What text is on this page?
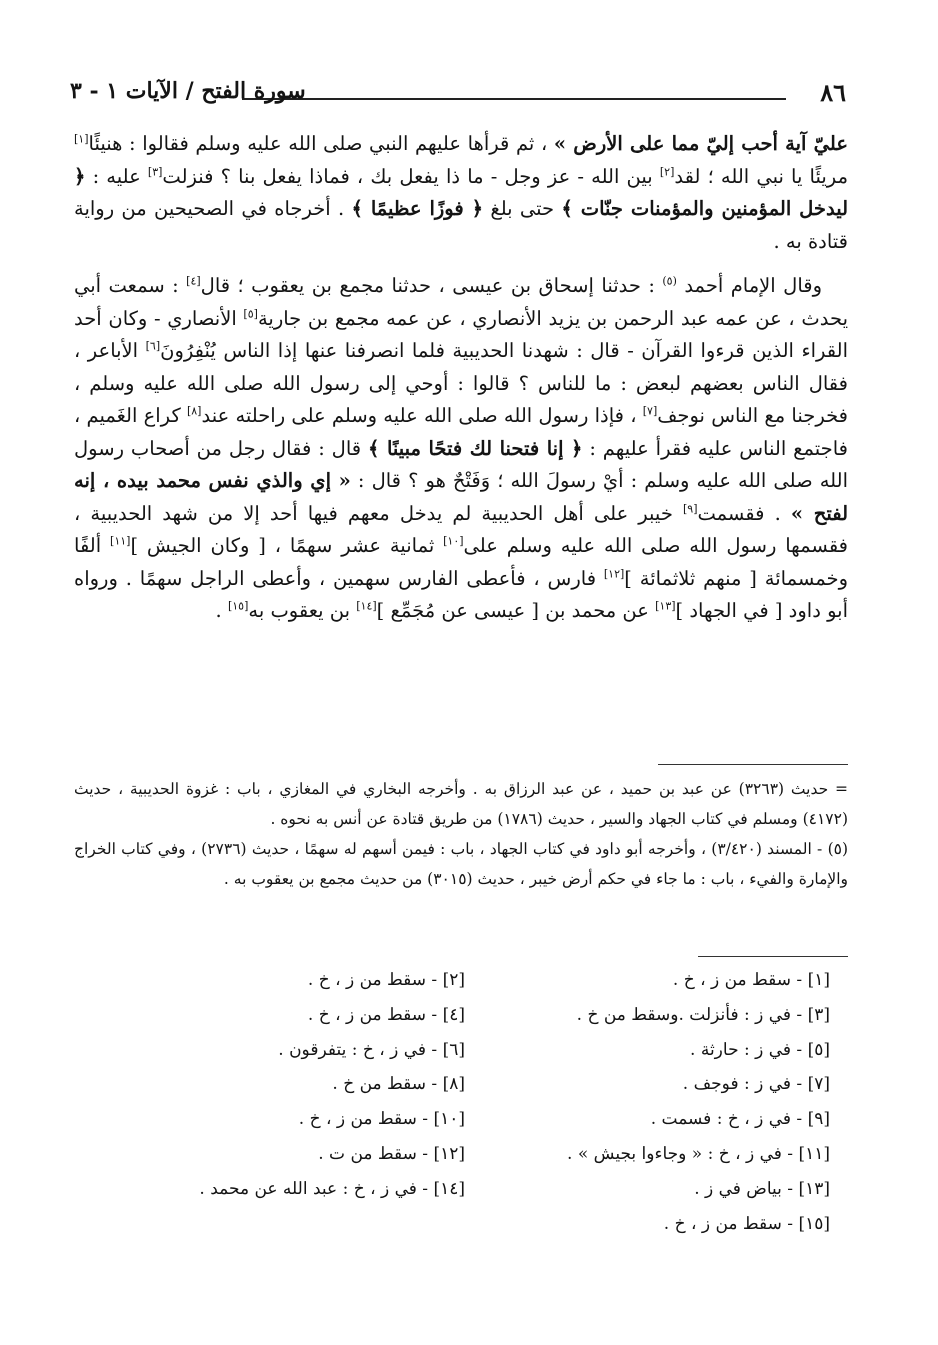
٨٦
سورة الفتح / الآيات ١ - ٣

عليّ آية أحب إليّ مما على الأرض » ، ثم قرأها عليهم النبي صلى الله عليه وسلم فقالوا : هنيئًا[١] مريئًا يا نبي الله ؛ لقد[٢] بين الله - عز وجل - ما ذا يفعل بك ، فماذا يفعل بنا ؟ فنزلت[٣] عليه : ﴿ ليدخل المؤمنين والمؤمنات جنّات ﴾ حتى بلغ ﴿ فوزًا عظيمًا ﴾ . أخرجاه في الصحيحين من رواية قتادة به .

وقال الإمام أحمد $^{(٥)}$ : حدثنا إسحاق بن عيسى ، حدثنا مجمع بن يعقوب ؛ قال[٤] : سمعت أبي يحدث ، عن عمه عبد الرحمن بن يزيد الأنصاري ، عن عمه مجمع بن جارية[٥] الأنصاري - وكان أحد القراء الذين قرءوا القرآن - قال : شهدنا الحديبية فلما انصرفنا عنها إذا الناس يُنْفِرُونَ[٦] الأباعر ، فقال الناس بعضهم لبعض : ما للناس ؟ قالوا : أوحي إلى رسول الله صلى الله عليه وسلم ، فخرجنا مع الناس نوجف[٧] ، فإذا رسول الله صلى الله عليه وسلم على راحلته عند[٨] كراع الغَميم ، فاجتمع الناس عليه فقرأ عليهم : ﴿ إنا فتحنا لك فتحًا مبينًا ﴾ قال : فقال رجل من أصحاب رسول الله صلى الله عليه وسلم : أيْ رسولَ الله ؛ وَفَتْحٌ هو ؟ قال : « إي والذي نفس محمد بيده ، إنه لفتح » . فقسمت[٩] خيبر على أهل الحديبية لم يدخل معهم فيها أحد إلا من شهد الحديبية ، فقسمها رسول الله صلى الله عليه وسلم على[١٠] ثمانية عشر سهمًا ، [ وكان الجيش ][١١] ألفًا وخمسمائة [ منهم ثلاثمائة ][١٢] فارس ، فأعطى الفارس سهمين ، وأعطى الراجل سهمًا . ورواه أبو داود [ في الجهاد ][١٣] عن محمد بن [ عيسى عن مُجَمِّع ][١٤] بن يعقوب به[١٥] .

= حديث (٣٢٦٣) عن عبد بن حميد ، عن عبد الرزاق به . وأخرجه البخاري في المغازي ، باب : غزوة الحديبية ، حديث (٤١٧٢) ومسلم في كتاب الجهاد والسير ، حديث (١٧٨٦) من طريق قتادة عن أنس به نحوه .

(٥) - المسند (٣/٤٢٠) ، وأخرجه أبو داود في كتاب الجهاد ، باب : فيمن أسهم له سهمًا ، حديث (٢٧٣٦) ، وفي كتاب الخراج والإمارة والفيء ، باب : ما جاء في حكم أرض خيبر ، حديث (٣٠١٥) من حديث مجمع بن يعقوب به .

[١] - سقط من ز ، خ .
[٢] - سقط من ز ، خ .
[٣] - في ز : فأنزلت .وسقط من خ .
[٤] - سقط من ز ، خ .
[٥] - في ز : حارثة .
[٦] - في ز ، خ : يتفرقون .
[٧] - في ز : فوجف .
[٨] - سقط من خ .
[٩] - في ز ، خ : فسمت .
[١٠] - سقط من ز ، خ .
[١١] - في ز ، خ : « وجاءوا بجيش » .
[١٢] - سقط من ت .
[١٣] - بياض في ز .
[١٤] - في ز ، خ : عبد الله عن محمد .
[١٥] - سقط من ز ، خ .
